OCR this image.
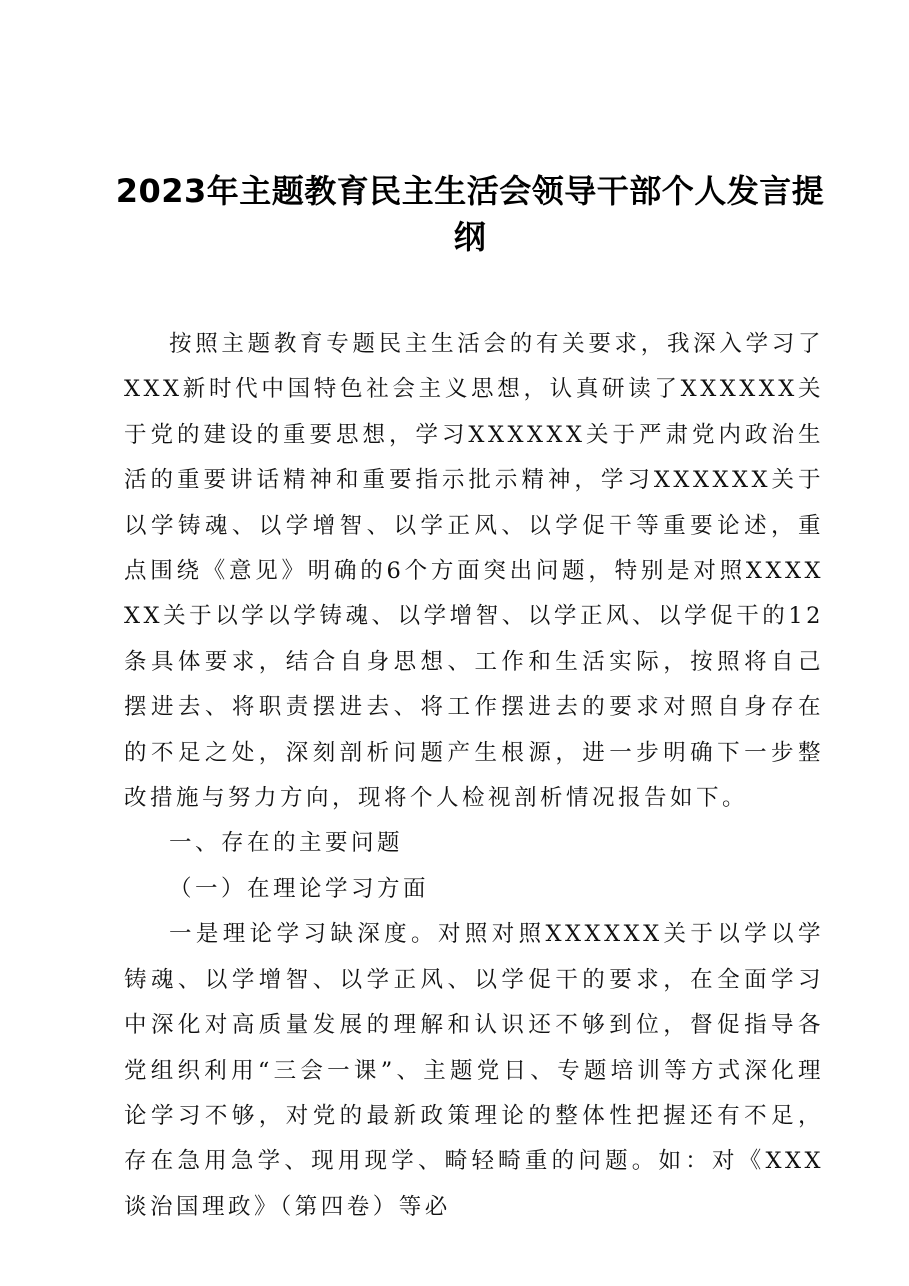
2023年主题教育民主生活会领导干部个人发言提纲

按照主题教育专题民主生活会的有关要求，我深入学习了XXX新时代中国特色社会主义思想，认真研读了XXXXXX关于党的建设的重要思想，学习XXXXXX关于严肃党内政治生活的重要讲话精神和重要指示批示精神，学习XXXXXX关于以学铸魂、以学增智、以学正风、以学促干等重要论述，重点围绕《意见》明确的6个方面突出问题，特别是对照XXXXXX关于以学以学铸魂、以学增智、以学正风、以学促干的12条具体要求，结合自身思想、工作和生活实际，按照将自己摆进去、将职责摆进去、将工作摆进去的要求对照自身存在的不足之处，深刻剖析问题产生根源，进一步明确下一步整改措施与努力方向，现将个人检视剖析情况报告如下。

一、存在的主要问题

（一）在理论学习方面

一是理论学习缺深度。对照对照XXXXXX关于以学以学铸魂、以学增智、以学正风、以学促干的要求，在全面学习中深化对高质量发展的理解和认识还不够到位，督促指导各党组织利用“三会一课”、主题党日、专题培训等方式深化理论学习不够，对党的最新政策理论的整体性把握还有不足，存在急用急学、现用现学、畸轻畸重的问题。如：对《XXX谈治国理政》（第四卷）等必
